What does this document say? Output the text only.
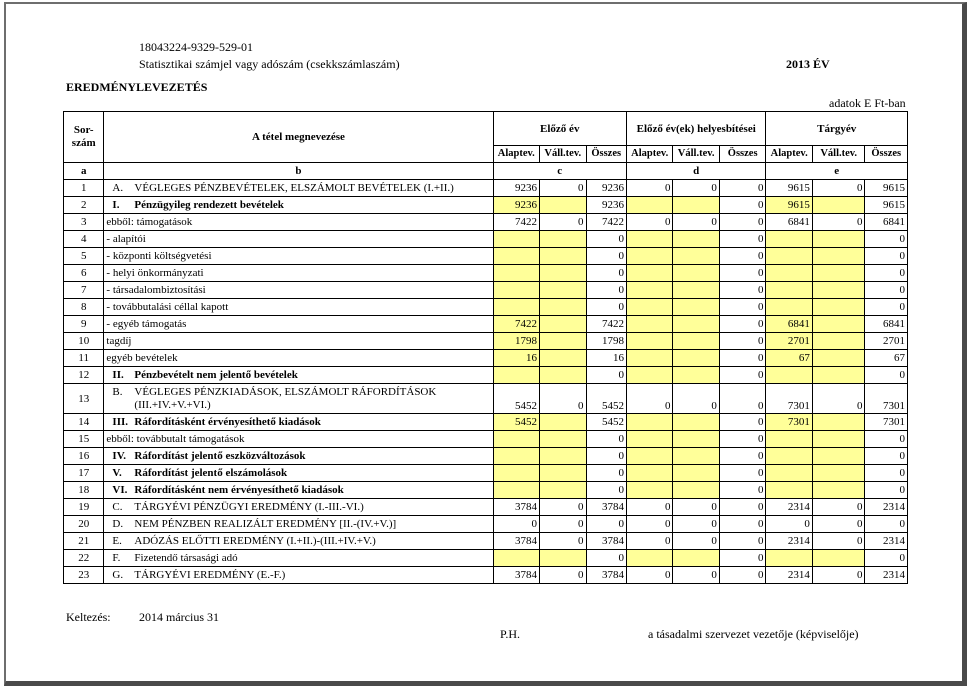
18043224-9329-529-01
Statisztikai számjel vagy adószám (csekkszámlaszám)	2013 ÉV
EREDMÉNYLEVEZETÉS
adatok E Ft-ban
Sor-
szám	A tétel megnevezése	Előző év			Előző év(ek) helyesbítései			Tárgyév		
		Alaptev.	Váll.tev.	Összes	Alaptev.	Váll.tev.	Összes	Alaptev.	Váll.tev.	Összes
a	b	c			d			e		
1	A. VÉGLEGES PÉNZBEVÉTELEK, ELSZÁMOLT BEVÉTELEK (I.+II.)	9236	0	9236	0	0	0	9615	0	9615
2	I. Pénzügyileg rendezett bevételek	9236		9236			0	9615		9615
3	ebből: támogatások	7422	0	7422	0	0	0	6841	0	6841
4	- alapítói			0			0			0
5	- központi költségvetési			0			0			0
6	- helyi önkormányzati			0			0			0
7	- társadalombiztosítási			0			0			0
8	- továbbutalási céllal kapott			0			0			0
9	- egyéb támogatás	7422		7422			0	6841		6841
10	tagdíj	1798		1798			0	2701		2701
11	egyéb bevételek	16		16			0	67		67
12	II. Pénzbevételt nem jelentő bevételek			0			0			0
13	B. VÉGLEGES PÉNZKIADÁSOK, ELSZÁMOLT RÁFORDÍTÁSOK
(III.+IV.+V.+VI.)	5452	0	5452	0	0	0	7301	0	7301
14	III. Ráfordításként érvényesíthető kiadások	5452		5452			0	7301		7301
15	ebből: továbbutalt támogatások			0			0			0
16	IV. Ráfordítást jelentő eszközváltozások			0			0			0
17	V. Ráfordítást jelentő elszámolások			0			0			0
18	VI. Ráfordításként nem érvényesíthető kiadások			0			0			0
19	C. TÁRGYÉVI PÉNZÜGYI EREDMÉNY (I.-III.-VI.)	3784	0	3784	0	0	0	2314	0	2314
20	D. NEM PÉNZBEN REALIZÁLT EREDMÉNY [II.-(IV.+V.)]	0	0	0	0	0	0	0	0	0
21	E. ADÓZÁS ELŐTTI EREDMÉNY (I.+II.)-(III.+IV.+V.)	3784	0	3784	0	0	0	2314	0	2314
22	F. Fizetendő társasági adó			0			0			0
23	G. TÁRGYÉVI EREDMÉNY (E.-F.)	3784	0	3784	0	0	0	2314	0	2314
Keltezés: 2014 március 31
P.H.	a tásadalmi szervezet vezetője (képviselője)
